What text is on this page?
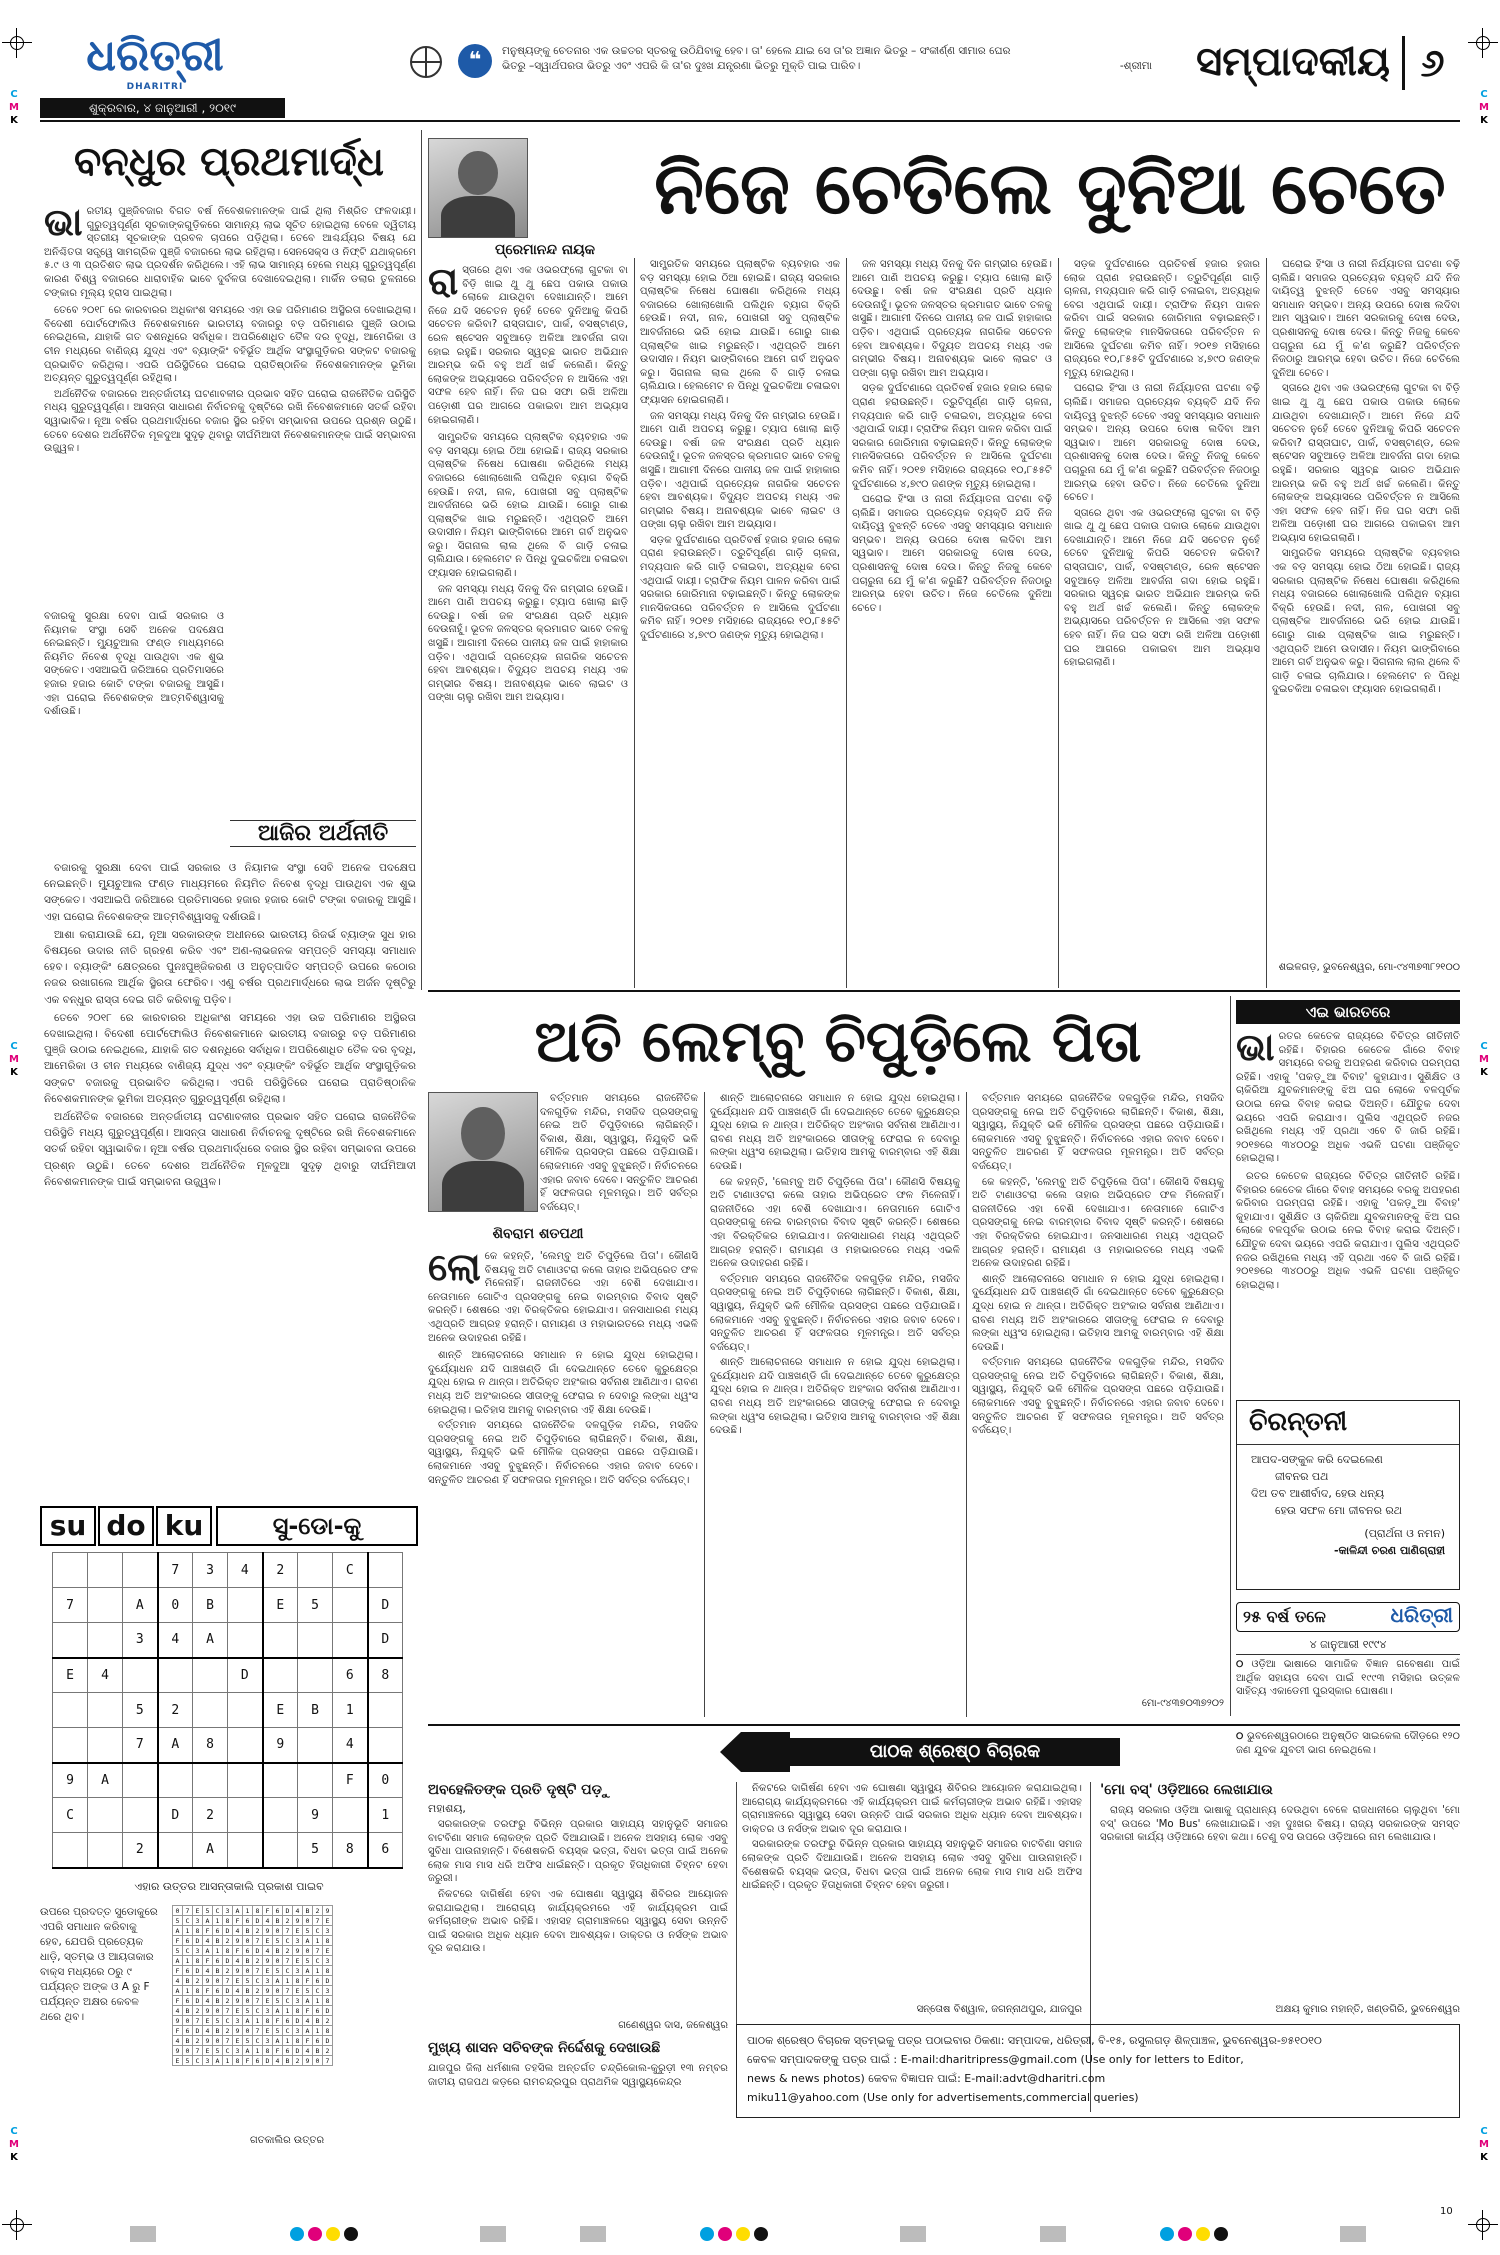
C
M
K
C
M
K
C
M
K
C
M
K
C
M
K
C
M
K
ଧରିତ୍ରୀ
DHARITRI
ଶୁକ୍ରବାର, ୪ ଜାନୁଆରୀ , ୨୦୧୯
❝	ମନୁଷ୍ୟଙ୍କୁ ଚେତନାର ଏକ ଉଚ୍ଚତର ସ୍ତରକୁ ଉଠିଯିବାକୁ ହେବ। ତା' ହେଲେ ଯାଇ ସେ ତା'ର ଅଜ୍ଞାନ ଭିତରୁ – ସଂକୀର୍ଣ୍ଣ ସୀମାର ଘେର
ଭିତରୁ –ସ୍ୱାର୍ଥପରତା ଭିତରୁ ଏବଂ ଏପରି କି ତା'ର ଦୁଃଖ ଯନ୍ତ୍ରଣା ଭିତରୁ ମୁକ୍ତି ପାଇ ପାରିବ।	-ଶ୍ରୀମା	ସମ୍ପାଦକୀୟ ୬
ବନ୍ଧୁର ପ୍ରଥମାର୍ଦ୍ଧ
ଭା ରତୀୟ ପୁଞ୍ଜିବଜାର ବିଗତ ବର୍ଷ ନିବେଶକମାନଙ୍କ ପାଇଁ ଥିଲା ମିଶ୍ରିତ ଫଳଦାୟୀ। ଗୁରୁତ୍ୱପୂର୍ଣ୍ଣ ସୂଚକାଙ୍କଗୁଡ଼ିକରେ ସାମାନ୍ୟ ଲାଭ ସୂଚିତ ହୋଇଥିଲା ବେଳେ ଦ୍ୱିତୀୟ ସ୍ତରୀୟ ସୂଚକାଙ୍କ ପ୍ରବଳ ଚାପରେ ପଡ଼ିଥିଲା। ତେବେ ଆଶ୍ଚର୍ଯ୍ୟର ବିଷୟ ଯେ ଅନିଶ୍ଚିତତା ସତ୍ତ୍ୱେ ସାମଗ୍ରିକ ପୁଞ୍ଜି ବଜାରରେ ଲାଭ ରହିଥିଲା। ସେନସେକ୍ସ ଓ ନିଫ୍ଟି ଯଥାକ୍ରମେ ୫.୯ ଓ ୩ ପ୍ରତିଶତ ଲାଭ ପ୍ରଦର୍ଶନ କରିଥିଲେ। ଏହି ଲାଭ ସାମାନ୍ୟ ହେଲେ ମଧ୍ୟ ଗୁରୁତ୍ୱପୂର୍ଣ୍ଣ କାରଣ ବିଶ୍ୱ ବଜାରରେ ଧାରାବାହିକ ଭାବେ ଦୁର୍ବଳତା ଦେଖାଦେଇଥିଲା। ମାର୍କିନ ଡଲାର ତୁଳନାରେ ଟଙ୍କାର ମୂଲ୍ୟ ହ୍ରାସ ପାଇଥିଲା।

ତେବେ ୨୦୧୮ ରେ କାରବାରର ଅଧିକାଂଶ ସମୟରେ ଏହା ଉଚ୍ଚ ପରିମାଣର ଅସ୍ଥିରତା ଦେଖାଇଥିଲା। ବିଦେଶୀ ପୋର୍ଟଫୋଲିଓ ନିବେଶକମାନେ ଭାରତୀୟ ବଜାରରୁ ବଡ଼ ପରିମାଣର ପୁଞ୍ଜି ଉଠାଇ ନେଇଥିଲେ, ଯାହାକି ଗତ ଦଶନ୍ଧିରେ ସର୍ବାଧିକ। ଅପରିଶୋଧିତ ତୈଳ ଦର ବୃଦ୍ଧି, ଆମେରିକା ଓ ଚୀନ ମଧ୍ୟରେ ବାଣିଜ୍ୟ ଯୁଦ୍ଧ ଏବଂ ବ୍ୟାଙ୍କିଂ ବହିର୍ଭୂତ ଆର୍ଥିକ ସଂସ୍ଥାଗୁଡ଼ିକର ସଙ୍କଟ ବଜାରକୁ ପ୍ରଭାବିତ କରିଥିଲା। ଏପରି ପରିସ୍ଥିତିରେ ଘରୋଇ ପ୍ରାତିଷ୍ଠାନିକ ନିବେଶକମାନଙ୍କ ଭୂମିକା ଅତ୍ୟନ୍ତ ଗୁରୁତ୍ୱପୂର୍ଣ୍ଣ ରହିଥିଲା।

ଅର୍ଥନୈତିକ ବଜାରରେ ଅନ୍ତର୍ଜାତୀୟ ଘଟଣାବଳୀର ପ୍ରଭାବ ସହିତ ଘରୋଇ ରାଜନୈତିକ ପରିସ୍ଥିତି ମଧ୍ୟ ଗୁରୁତ୍ୱପୂର୍ଣ୍ଣ। ଆସନ୍ତା ସାଧାରଣ ନିର୍ବାଚନକୁ ଦୃଷ୍ଟିରେ ରଖି ନିବେଶକମାନେ ସତର୍କ ରହିବା ସ୍ୱାଭାବିକ। ନୂଆ ବର୍ଷର ପ୍ରଥମାର୍ଦ୍ଧରେ ବଜାର ସ୍ଥିର ରହିବା ସମ୍ଭାବନା ଉପରେ ପ୍ରଶ୍ନ ଉଠୁଛି। ତେବେ ଦେଶର ଅର୍ଥନୈତିକ ମୂଳଦୁଆ ସୁଦୃଢ଼ ଥିବାରୁ ଦୀର୍ଘମିଆଦୀ ନିବେଶକମାନଙ୍କ ପାଇଁ ସମ୍ଭାବନା ଉଜ୍ଜ୍ୱଳ।

ଆଜିର ଅର୍ଥନୀତି
ବଜାରକୁ ସୁରକ୍ଷା ଦେବା ପାଇଁ ସରକାର ଓ ନିୟାମକ ସଂସ୍ଥା ସେବି ଅନେକ ପଦକ୍ଷେପ ନେଇଛନ୍ତି। ମ୍ୟୁଚୁଆଲ ଫଣ୍ଡ ମାଧ୍ୟମରେ ନିୟମିତ ନିବେଶ ବୃଦ୍ଧି ପାଉଥିବା ଏକ ଶୁଭ ସଙ୍କେତ। ଏସଆଇପି ଜରିଆରେ ପ୍ରତିମାସରେ ହଜାର ହଜାର କୋଟି ଟଙ୍କା ବଜାରକୁ ଆସୁଛି। ଏହା ଘରୋଇ ନିବେଶକଙ୍କ ଆତ୍ମବିଶ୍ୱାସକୁ ଦର୍ଶାଉଛି।

ବଜାରକୁ ସୁରକ୍ଷା ଦେବା ପାଇଁ ସରକାର ଓ ନିୟାମକ ସଂସ୍ଥା ସେବି ଅନେକ ପଦକ୍ଷେପ ନେଇଛନ୍ତି। ମ୍ୟୁଚୁଆଲ ଫଣ୍ଡ ମାଧ୍ୟମରେ ନିୟମିତ ନିବେଶ ବୃଦ୍ଧି ପାଉଥିବା ଏକ ଶୁଭ ସଙ୍କେତ। ଏସଆଇପି ଜରିଆରେ ପ୍ରତିମାସରେ ହଜାର ହଜାର କୋଟି ଟଙ୍କା ବଜାରକୁ ଆସୁଛି। ଏହା ଘରୋଇ ନିବେଶକଙ୍କ ଆତ୍ମବିଶ୍ୱାସକୁ ଦର୍ଶାଉଛି।

ଆଶା କରାଯାଉଛି ଯେ, ନୂଆ ସରକାରଙ୍କ ଅଧୀନରେ ଭାରତୀୟ ରିଜର୍ଭ ବ୍ୟାଙ୍କ ସୁଧ ହାର ବିଷୟରେ ଉଦାର ନୀତି ଗ୍ରହଣ କରିବ ଏବଂ ଅଣ-ଲାଭଜନକ ସମ୍ପତ୍ତି ସମସ୍ୟା ସମାଧାନ ହେବ। ବ୍ୟାଙ୍କିଂ କ୍ଷେତ୍ରରେ ପୁନଃପୁଞ୍ଜିକରଣ ଓ ଅନୁତ୍ପାଦିତ ସମ୍ପତ୍ତି ଉପରେ କଠୋର ନଜର ରଖାଗଲେ ଆର୍ଥିକ ସ୍ଥିରତା ଫେରିବ। ଏଣୁ ବର୍ଷର ପ୍ରଥମାର୍ଦ୍ଧରେ ଲାଭ ଅର୍ଜନ ଦୃଷ୍ଟିରୁ ଏକ ବନ୍ଧୁର ରାସ୍ତା ଦେଇ ଗତି କରିବାକୁ ପଡ଼ିବ।

ତେବେ ୨୦୧୮ ରେ କାରବାରର ଅଧିକାଂଶ ସମୟରେ ଏହା ଉଚ୍ଚ ପରିମାଣର ଅସ୍ଥିରତା ଦେଖାଇଥିଲା। ବିଦେଶୀ ପୋର୍ଟଫୋଲିଓ ନିବେଶକମାନେ ଭାରତୀୟ ବଜାରରୁ ବଡ଼ ପରିମାଣର ପୁଞ୍ଜି ଉଠାଇ ନେଇଥିଲେ, ଯାହାକି ଗତ ଦଶନ୍ଧିରେ ସର୍ବାଧିକ। ଅପରିଶୋଧିତ ତୈଳ ଦର ବୃଦ୍ଧି, ଆମେରିକା ଓ ଚୀନ ମଧ୍ୟରେ ବାଣିଜ୍ୟ ଯୁଦ୍ଧ ଏବଂ ବ୍ୟାଙ୍କିଂ ବହିର୍ଭୂତ ଆର୍ଥିକ ସଂସ୍ଥାଗୁଡ଼ିକର ସଙ୍କଟ ବଜାରକୁ ପ୍ରଭାବିତ କରିଥିଲା। ଏପରି ପରିସ୍ଥିତିରେ ଘରୋଇ ପ୍ରାତିଷ୍ଠାନିକ ନିବେଶକମାନଙ୍କ ଭୂମିକା ଅତ୍ୟନ୍ତ ଗୁରୁତ୍ୱପୂର୍ଣ୍ଣ ରହିଥିଲା।

ଅର୍ଥନୈତିକ ବଜାରରେ ଅନ୍ତର୍ଜାତୀୟ ଘଟଣାବଳୀର ପ୍ରଭାବ ସହିତ ଘରୋଇ ରାଜନୈତିକ ପରିସ୍ଥିତି ମଧ୍ୟ ଗୁରୁତ୍ୱପୂର୍ଣ୍ଣ। ଆସନ୍ତା ସାଧାରଣ ନିର୍ବାଚନକୁ ଦୃଷ୍ଟିରେ ରଖି ନିବେଶକମାନେ ସତର୍କ ରହିବା ସ୍ୱାଭାବିକ। ନୂଆ ବର୍ଷର ପ୍ରଥମାର୍ଦ୍ଧରେ ବଜାର ସ୍ଥିର ରହିବା ସମ୍ଭାବନା ଉପରେ ପ୍ରଶ୍ନ ଉଠୁଛି। ତେବେ ଦେଶର ଅର୍ଥନୈତିକ ମୂଳଦୁଆ ସୁଦୃଢ଼ ଥିବାରୁ ଦୀର୍ଘମିଆଦୀ ନିବେଶକମାନଙ୍କ ପାଇଁ ସମ୍ଭାବନା ଉଜ୍ଜ୍ୱଳ।

ପ୍ରେମାନନ୍ଦ ନାୟକ
ନିଜେ ଚେତିଲେ ଦୁନିଆ ଚେତେ
ରା ସ୍ତାରେ ଥିବା ଏକ ଓଭରଫ୍ଲୋ ଗୁଟକା ବା ବିଡ଼ି ଖାଇ ଥୁ ଥୁ ଛେପ ପକାଉ ପକାଉ ଲୋକେ ଯାଉଥିବା ଦେଖାଯାନ୍ତି। ଆମେ ନିଜେ ଯଦି ସଚେତନ ନୁହେଁ ତେବେ ଦୁନିଆକୁ କିପରି ସଚେତନ କରିବା? ରାସ୍ତାଘାଟ, ପାର୍କ, ବସଷ୍ଟାଣ୍ଡ, ରେଳ ଷ୍ଟେସନ ସବୁଆଡ଼େ ଅଳିଆ ଆବର୍ଜନା ଗଦା ହୋଇ ରହୁଛି। ସରକାର ସ୍ୱଚ୍ଛ ଭାରତ ଅଭିଯାନ ଆରମ୍ଭ କରି ବହୁ ଅର୍ଥ ଖର୍ଚ୍ଚ କଲେଣି। କିନ୍ତୁ ଲୋକଙ୍କ ଅଭ୍ୟାସରେ ପରିବର୍ତ୍ତନ ନ ଆସିଲେ ଏହା ସଫଳ ହେବ ନାହିଁ। ନିଜ ଘର ସଫା ରଖି ଅଳିଆ ପଡ଼ୋଶୀ ଘର ଆଗରେ ପକାଇବା ଆମ ଅଭ୍ୟାସ ହୋଇଗଲାଣି।

ସାମ୍ପ୍ରତିକ ସମୟରେ ପ୍ଲାଷ୍ଟିକ ବ୍ୟବହାର ଏକ ବଡ଼ ସମସ୍ୟା ହୋଇ ଠିଆ ହୋଇଛି। ରାଜ୍ୟ ସରକାର ପ୍ଲାଷ୍ଟିକ ନିଷେଧ ଘୋଷଣା କରିଥିଲେ ମଧ୍ୟ ବଜାରରେ ଖୋଲାଖୋଲି ପଲିଥିନ ବ୍ୟାଗ ବିକ୍ରି ହେଉଛି। ନଦୀ, ନାଳ, ପୋଖରୀ ସବୁ ପ୍ଲାଷ୍ଟିକ ଆବର୍ଜନାରେ ଭରି ହୋଇ ଯାଉଛି। ଗୋରୁ ଗାଈ ପ୍ଲାଷ୍ଟିକ ଖାଇ ମରୁଛନ୍ତି। ଏଥିପ୍ରତି ଆମେ ଉଦାସୀନ। ନିୟମ ଭାଙ୍ଗିବାରେ ଆମେ ଗର୍ବ ଅନୁଭବ କରୁ। ସିଗନାଲ ଲାଲ ଥିଲେ ବି ଗାଡ଼ି ଚଳାଇ ଚାଲିଯାଉ। ହେଲମେଟ ନ ପିନ୍ଧି ଦୁଇଚକିଆ ଚଳାଇବା ଫ୍ୟାସନ ହୋଇଗଲାଣି।

ଜଳ ସମସ୍ୟା ମଧ୍ୟ ଦିନକୁ ଦିନ ଗମ୍ଭୀର ହେଉଛି। ଆମେ ପାଣି ଅପଚୟ କରୁଛୁ। ଟ୍ୟାପ ଖୋଲା ଛାଡ଼ି ଦେଉଛୁ। ବର୍ଷା ଜଳ ସଂରକ୍ଷଣ ପ୍ରତି ଧ୍ୟାନ ଦେଉନାହୁଁ। ଭୂତଳ ଜଳସ୍ତର କ୍ରମାଗତ ଭାବେ ତଳକୁ ଖସୁଛି। ଆଗାମୀ ଦିନରେ ପାନୀୟ ଜଳ ପାଇଁ ହାହାକାର ପଡ଼ିବ। ଏଥିପାଇଁ ପ୍ରତ୍ୟେକ ନାଗରିକ ସଚେତନ ହେବା ଆବଶ୍ୟକ। ବିଦ୍ୟୁତ ଅପଚୟ ମଧ୍ୟ ଏକ ଗମ୍ଭୀର ବିଷୟ। ଅନାବଶ୍ୟକ ଭାବେ ଲାଇଟ ଓ ପଙ୍ଖା ଚାଲୁ ରଖିବା ଆମ ଅଭ୍ୟାସ।

ସାମ୍ପ୍ରତିକ ସମୟରେ ପ୍ଲାଷ୍ଟିକ ବ୍ୟବହାର ଏକ ବଡ଼ ସମସ୍ୟା ହୋଇ ଠିଆ ହୋଇଛି। ରାଜ୍ୟ ସରକାର ପ୍ଲାଷ୍ଟିକ ନିଷେଧ ଘୋଷଣା କରିଥିଲେ ମଧ୍ୟ ବଜାରରେ ଖୋଲାଖୋଲି ପଲିଥିନ ବ୍ୟାଗ ବିକ୍ରି ହେଉଛି। ନଦୀ, ନାଳ, ପୋଖରୀ ସବୁ ପ୍ଲାଷ୍ଟିକ ଆବର୍ଜନାରେ ଭରି ହୋଇ ଯାଉଛି। ଗୋରୁ ଗାଈ ପ୍ଲାଷ୍ଟିକ ଖାଇ ମରୁଛନ୍ତି। ଏଥିପ୍ରତି ଆମେ ଉଦାସୀନ। ନିୟମ ଭାଙ୍ଗିବାରେ ଆମେ ଗର୍ବ ଅନୁଭବ କରୁ। ସିଗନାଲ ଲାଲ ଥିଲେ ବି ଗାଡ଼ି ଚଳାଇ ଚାଲିଯାଉ। ହେଲମେଟ ନ ପିନ୍ଧି ଦୁଇଚକିଆ ଚଳାଇବା ଫ୍ୟାସନ ହୋଇଗଲାଣି।

ଜଳ ସମସ୍ୟା ମଧ୍ୟ ଦିନକୁ ଦିନ ଗମ୍ଭୀର ହେଉଛି। ଆମେ ପାଣି ଅପଚୟ କରୁଛୁ। ଟ୍ୟାପ ଖୋଲା ଛାଡ଼ି ଦେଉଛୁ। ବର୍ଷା ଜଳ ସଂରକ୍ଷଣ ପ୍ରତି ଧ୍ୟାନ ଦେଉନାହୁଁ। ଭୂତଳ ଜଳସ୍ତର କ୍ରମାଗତ ଭାବେ ତଳକୁ ଖସୁଛି। ଆଗାମୀ ଦିନରେ ପାନୀୟ ଜଳ ପାଇଁ ହାହାକାର ପଡ଼ିବ। ଏଥିପାଇଁ ପ୍ରତ୍ୟେକ ନାଗରିକ ସଚେତନ ହେବା ଆବଶ୍ୟକ। ବିଦ୍ୟୁତ ଅପଚୟ ମଧ୍ୟ ଏକ ଗମ୍ଭୀର ବିଷୟ। ଅନାବଶ୍ୟକ ଭାବେ ଲାଇଟ ଓ ପଙ୍ଖା ଚାଲୁ ରଖିବା ଆମ ଅଭ୍ୟାସ।

ସଡ଼କ ଦୁର୍ଘଟଣାରେ ପ୍ରତିବର୍ଷ ହଜାର ହଜାର ଲୋକ ପ୍ରାଣ ହରାଉଛନ୍ତି। ତ୍ରୁଟିପୂର୍ଣ୍ଣ ଗାଡ଼ି ଚାଳନା, ମଦ୍ୟପାନ କରି ଗାଡ଼ି ଚଳାଇବା, ଅତ୍ୟଧିକ ବେଗ ଏଥିପାଇଁ ଦାୟୀ। ଟ୍ରାଫିକ ନିୟମ ପାଳନ କରିବା ପାଇଁ ସରକାର ଜୋରିମାନା ବଢ଼ାଇଛନ୍ତି। କିନ୍ତୁ ଲୋକଙ୍କ ମାନସିକତାରେ ପରିବର୍ତ୍ତନ ନ ଆସିଲେ ଦୁର୍ଘଟଣା କମିବ ନାହିଁ। ୨୦୧୭ ମସିହାରେ ରାଜ୍ୟରେ ୧୦,୮୫୫ଟି ଦୁର୍ଘଟଣାରେ ୪,୭୯୦ ଜଣଙ୍କ ମୃତ୍ୟୁ ହୋଇଥିଲା।

ଜଳ ସମସ୍ୟା ମଧ୍ୟ ଦିନକୁ ଦିନ ଗମ୍ଭୀର ହେଉଛି। ଆମେ ପାଣି ଅପଚୟ କରୁଛୁ। ଟ୍ୟାପ ଖୋଲା ଛାଡ଼ି ଦେଉଛୁ। ବର୍ଷା ଜଳ ସଂରକ୍ଷଣ ପ୍ରତି ଧ୍ୟାନ ଦେଉନାହୁଁ। ଭୂତଳ ଜଳସ୍ତର କ୍ରମାଗତ ଭାବେ ତଳକୁ ଖସୁଛି। ଆଗାମୀ ଦିନରେ ପାନୀୟ ଜଳ ପାଇଁ ହାହାକାର ପଡ଼ିବ। ଏଥିପାଇଁ ପ୍ରତ୍ୟେକ ନାଗରିକ ସଚେତନ ହେବା ଆବଶ୍ୟକ। ବିଦ୍ୟୁତ ଅପଚୟ ମଧ୍ୟ ଏକ ଗମ୍ଭୀର ବିଷୟ। ଅନାବଶ୍ୟକ ଭାବେ ଲାଇଟ ଓ ପଙ୍ଖା ଚାଲୁ ରଖିବା ଆମ ଅଭ୍ୟାସ।

ସଡ଼କ ଦୁର୍ଘଟଣାରେ ପ୍ରତିବର୍ଷ ହଜାର ହଜାର ଲୋକ ପ୍ରାଣ ହରାଉଛନ୍ତି। ତ୍ରୁଟିପୂର୍ଣ୍ଣ ଗାଡ଼ି ଚାଳନା, ମଦ୍ୟପାନ କରି ଗାଡ଼ି ଚଳାଇବା, ଅତ୍ୟଧିକ ବେଗ ଏଥିପାଇଁ ଦାୟୀ। ଟ୍ରାଫିକ ନିୟମ ପାଳନ କରିବା ପାଇଁ ସରକାର ଜୋରିମାନା ବଢ଼ାଇଛନ୍ତି। କିନ୍ତୁ ଲୋକଙ୍କ ମାନସିକତାରେ ପରିବର୍ତ୍ତନ ନ ଆସିଲେ ଦୁର୍ଘଟଣା କମିବ ନାହିଁ। ୨୦୧୭ ମସିହାରେ ରାଜ୍ୟରେ ୧୦,୮୫୫ଟି ଦୁର୍ଘଟଣାରେ ୪,୭୯୦ ଜଣଙ୍କ ମୃତ୍ୟୁ ହୋଇଥିଲା।

ଘରୋଇ ହିଂସା ଓ ନାରୀ ନିର୍ଯ୍ୟାତନା ଘଟଣା ବଢ଼ି ଚାଲିଛି। ସମାଜର ପ୍ରତ୍ୟେକ ବ୍ୟକ୍ତି ଯଦି ନିଜ ଦାୟିତ୍ୱ ବୁଝନ୍ତି ତେବେ ଏସବୁ ସମସ୍ୟାର ସମାଧାନ ସମ୍ଭବ। ଅନ୍ୟ ଉପରେ ଦୋଷ ଲଦିବା ଆମ ସ୍ୱଭାବ। ଆମେ ସରକାରକୁ ଦୋଷ ଦେଉ, ପ୍ରଶାସନକୁ ଦୋଷ ଦେଉ। କିନ୍ତୁ ନିଜକୁ କେବେ ପଚାରୁନା ଯେ ମୁଁ କ'ଣ କରୁଛି? ପରିବର୍ତ୍ତନ ନିଜଠାରୁ ଆରମ୍ଭ ହେବା ଉଚିତ। ନିଜେ ଚେତିଲେ ଦୁନିଆ ଚେତେ।

ସଡ଼କ ଦୁର୍ଘଟଣାରେ ପ୍ରତିବର୍ଷ ହଜାର ହଜାର ଲୋକ ପ୍ରାଣ ହରାଉଛନ୍ତି। ତ୍ରୁଟିପୂର୍ଣ୍ଣ ଗାଡ଼ି ଚାଳନା, ମଦ୍ୟପାନ କରି ଗାଡ଼ି ଚଳାଇବା, ଅତ୍ୟଧିକ ବେଗ ଏଥିପାଇଁ ଦାୟୀ। ଟ୍ରାଫିକ ନିୟମ ପାଳନ କରିବା ପାଇଁ ସରକାର ଜୋରିମାନା ବଢ଼ାଇଛନ୍ତି। କିନ୍ତୁ ଲୋକଙ୍କ ମାନସିକତାରେ ପରିବର୍ତ୍ତନ ନ ଆସିଲେ ଦୁର୍ଘଟଣା କମିବ ନାହିଁ। ୨୦୧୭ ମସିହାରେ ରାଜ୍ୟରେ ୧୦,୮୫୫ଟି ଦୁର୍ଘଟଣାରେ ୪,୭୯୦ ଜଣଙ୍କ ମୃତ୍ୟୁ ହୋଇଥିଲା।

ଘରୋଇ ହିଂସା ଓ ନାରୀ ନିର୍ଯ୍ୟାତନା ଘଟଣା ବଢ଼ି ଚାଲିଛି। ସମାଜର ପ୍ରତ୍ୟେକ ବ୍ୟକ୍ତି ଯଦି ନିଜ ଦାୟିତ୍ୱ ବୁଝନ୍ତି ତେବେ ଏସବୁ ସମସ୍ୟାର ସମାଧାନ ସମ୍ଭବ। ଅନ୍ୟ ଉପରେ ଦୋଷ ଲଦିବା ଆମ ସ୍ୱଭାବ। ଆମେ ସରକାରକୁ ଦୋଷ ଦେଉ, ପ୍ରଶାସନକୁ ଦୋଷ ଦେଉ। କିନ୍ତୁ ନିଜକୁ କେବେ ପଚାରୁନା ଯେ ମୁଁ କ'ଣ କରୁଛି? ପରିବର୍ତ୍ତନ ନିଜଠାରୁ ଆରମ୍ଭ ହେବା ଉଚିତ। ନିଜେ ଚେତିଲେ ଦୁନିଆ ଚେତେ।

ସ୍ତାରେ ଥିବା ଏକ ଓଭରଫ୍ଲୋ ଗୁଟକା ବା ବିଡ଼ି ଖାଇ ଥୁ ଥୁ ଛେପ ପକାଉ ପକାଉ ଲୋକେ ଯାଉଥିବା ଦେଖାଯାନ୍ତି। ଆମେ ନିଜେ ଯଦି ସଚେତନ ନୁହେଁ ତେବେ ଦୁନିଆକୁ କିପରି ସଚେତନ କରିବା? ରାସ୍ତାଘାଟ, ପାର୍କ, ବସଷ୍ଟାଣ୍ଡ, ରେଳ ଷ୍ଟେସନ ସବୁଆଡ଼େ ଅଳିଆ ଆବର୍ଜନା ଗଦା ହୋଇ ରହୁଛି। ସରକାର ସ୍ୱଚ୍ଛ ଭାରତ ଅଭିଯାନ ଆରମ୍ଭ କରି ବହୁ ଅର୍ଥ ଖର୍ଚ୍ଚ କଲେଣି। କିନ୍ତୁ ଲୋକଙ୍କ ଅଭ୍ୟାସରେ ପରିବର୍ତ୍ତନ ନ ଆସିଲେ ଏହା ସଫଳ ହେବ ନାହିଁ। ନିଜ ଘର ସଫା ରଖି ଅଳିଆ ପଡ଼ୋଶୀ ଘର ଆଗରେ ପକାଇବା ଆମ ଅଭ୍ୟାସ ହୋଇଗଲାଣି।

ଘରୋଇ ହିଂସା ଓ ନାରୀ ନିର୍ଯ୍ୟାତନା ଘଟଣା ବଢ଼ି ଚାଲିଛି। ସମାଜର ପ୍ରତ୍ୟେକ ବ୍ୟକ୍ତି ଯଦି ନିଜ ଦାୟିତ୍ୱ ବୁଝନ୍ତି ତେବେ ଏସବୁ ସମସ୍ୟାର ସମାଧାନ ସମ୍ଭବ। ଅନ୍ୟ ଉପରେ ଦୋଷ ଲଦିବା ଆମ ସ୍ୱଭାବ। ଆମେ ସରକାରକୁ ଦୋଷ ଦେଉ, ପ୍ରଶାସନକୁ ଦୋଷ ଦେଉ। କିନ୍ତୁ ନିଜକୁ କେବେ ପଚାରୁନା ଯେ ମୁଁ କ'ଣ କରୁଛି? ପରିବର୍ତ୍ତନ ନିଜଠାରୁ ଆରମ୍ଭ ହେବା ଉଚିତ। ନିଜେ ଚେତିଲେ ଦୁନିଆ ଚେତେ।

ସ୍ତାରେ ଥିବା ଏକ ଓଭରଫ୍ଲୋ ଗୁଟକା ବା ବିଡ଼ି ଖାଇ ଥୁ ଥୁ ଛେପ ପକାଉ ପକାଉ ଲୋକେ ଯାଉଥିବା ଦେଖାଯାନ୍ତି। ଆମେ ନିଜେ ଯଦି ସଚେତନ ନୁହେଁ ତେବେ ଦୁନିଆକୁ କିପରି ସଚେତନ କରିବା? ରାସ୍ତାଘାଟ, ପାର୍କ, ବସଷ୍ଟାଣ୍ଡ, ରେଳ ଷ୍ଟେସନ ସବୁଆଡ଼େ ଅଳିଆ ଆବର୍ଜନା ଗଦା ହୋଇ ରହୁଛି। ସରକାର ସ୍ୱଚ୍ଛ ଭାରତ ଅଭିଯାନ ଆରମ୍ଭ କରି ବହୁ ଅର୍ଥ ଖର୍ଚ୍ଚ କଲେଣି। କିନ୍ତୁ ଲୋକଙ୍କ ଅଭ୍ୟାସରେ ପରିବର୍ତ୍ତନ ନ ଆସିଲେ ଏହା ସଫଳ ହେବ ନାହିଁ। ନିଜ ଘର ସଫା ରଖି ଅଳିଆ ପଡ଼ୋଶୀ ଘର ଆଗରେ ପକାଇବା ଆମ ଅଭ୍ୟାସ ହୋଇଗଲାଣି।

ସାମ୍ପ୍ରତିକ ସମୟରେ ପ୍ଲାଷ୍ଟିକ ବ୍ୟବହାର ଏକ ବଡ଼ ସମସ୍ୟା ହୋଇ ଠିଆ ହୋଇଛି। ରାଜ୍ୟ ସରକାର ପ୍ଲାଷ୍ଟିକ ନିଷେଧ ଘୋଷଣା କରିଥିଲେ ମଧ୍ୟ ବଜାରରେ ଖୋଲାଖୋଲି ପଲିଥିନ ବ୍ୟାଗ ବିକ୍ରି ହେଉଛି। ନଦୀ, ନାଳ, ପୋଖରୀ ସବୁ ପ୍ଲାଷ୍ଟିକ ଆବର୍ଜନାରେ ଭରି ହୋଇ ଯାଉଛି। ଗୋରୁ ଗାଈ ପ୍ଲାଷ୍ଟିକ ଖାଇ ମରୁଛନ୍ତି। ଏଥିପ୍ରତି ଆମେ ଉଦାସୀନ। ନିୟମ ଭାଙ୍ଗିବାରେ ଆମେ ଗର୍ବ ଅନୁଭବ କରୁ। ସିଗନାଲ ଲାଲ ଥିଲେ ବି ଗାଡ଼ି ଚଳାଇ ଚାଲିଯାଉ। ହେଲମେଟ ନ ପିନ୍ଧି ଦୁଇଚକିଆ ଚଳାଇବା ଫ୍ୟାସନ ହୋଇଗଲାଣି।

ଶଇଳଗଡ଼, ଭୁବନେଶ୍ୱର, ମୋ-୯୪୩୭୩୮୨୧୦୦
ଅତି ଲେମ୍ବୁ ଚିପୁଡ଼ିଲେ ପିତା
ଶିବରାମ ଶତପଥୀ
ଲୋ କେ କହନ୍ତି, 'ଲେମ୍ବୁ ଅତି ଚିପୁଡ଼ିଲେ ପିତା'। କୌଣସି ବିଷୟକୁ ଅତି ଟାଣାଓଟରା କଲେ ତାହାର ଅଭିପ୍ରେତ ଫଳ ମିଳେନାହିଁ। ରାଜନୀତିରେ ଏହା ବେଶି ଦେଖାଯାଏ। ନେତାମାନେ ଗୋଟିଏ ପ୍ରସଙ୍ଗକୁ ନେଇ ବାରମ୍ବାର ବିବାଦ ସୃଷ୍ଟି କରନ୍ତି। ଶେଷରେ ଏହା ବିରକ୍ତିକର ହୋଇଯାଏ। ଜନସାଧାରଣ ମଧ୍ୟ ଏଥିପ୍ରତି ଆଗ୍ରହ ହରାନ୍ତି। ରାମାୟଣ ଓ ମହାଭାରତରେ ମଧ୍ୟ ଏଭଳି ଅନେକ ଉଦାହରଣ ରହିଛି।

ଶାନ୍ତି ଆଲୋଚନାରେ ସମାଧାନ ନ ହୋଇ ଯୁଦ୍ଧ ହୋଇଥିଲା। ଦୁର୍ଯ୍ୟୋଧନ ଯଦି ପାଞ୍ଚଖଣ୍ଡି ଗାଁ ଦେଇଥାନ୍ତେ ତେବେ କୁରୁକ୍ଷେତ୍ର ଯୁଦ୍ଧ ହୋଇ ନ ଥାନ୍ତା। ଅତିରିକ୍ତ ଅହଂକାର ସର୍ବନାଶ ଆଣିଥାଏ। ରାବଣ ମଧ୍ୟ ଅତି ଅହଂକାରରେ ସୀତାଙ୍କୁ ଫେରାଇ ନ ଦେବାରୁ ଲଙ୍କା ଧ୍ୱଂସ ହୋଇଥିଲା। ଇତିହାସ ଆମକୁ ବାରମ୍ବାର ଏହି ଶିକ୍ଷା ଦେଉଛି।

ବର୍ତ୍ତମାନ ସମୟରେ ରାଜନୈତିକ ଦଳଗୁଡ଼ିକ ମନ୍ଦିର, ମସଜିଦ ପ୍ରସଙ୍ଗକୁ ନେଇ ଅତି ଚିପୁଡ଼ିବାରେ ଲାଗିଛନ୍ତି। ବିକାଶ, ଶିକ୍ଷା, ସ୍ୱାସ୍ଥ୍ୟ, ନିଯୁକ୍ତି ଭଳି ମୌଳିକ ପ୍ରସଙ୍ଗ ପଛରେ ପଡ଼ିଯାଉଛି। ଲୋକମାନେ ଏସବୁ ବୁଝୁଛନ୍ତି। ନିର୍ବାଚନରେ ଏହାର ଜବାବ ଦେବେ। ସନ୍ତୁଳିତ ଆଚରଣ ହିଁ ସଫଳତାର ମୂଳମନ୍ତ୍ର। ଅତି ସର୍ବତ୍ର ବର୍ଜୟେତ୍।

ବର୍ତ୍ତମାନ ସମୟରେ ରାଜନୈତିକ ଦଳଗୁଡ଼ିକ ମନ୍ଦିର, ମସଜିଦ ପ୍ରସଙ୍ଗକୁ ନେଇ ଅତି ଚିପୁଡ଼ିବାରେ ଲାଗିଛନ୍ତି। ବିକାଶ, ଶିକ୍ଷା, ସ୍ୱାସ୍ଥ୍ୟ, ନିଯୁକ୍ତି ଭଳି ମୌଳିକ ପ୍ରସଙ୍ଗ ପଛରେ ପଡ଼ିଯାଉଛି। ଲୋକମାନେ ଏସବୁ ବୁଝୁଛନ୍ତି। ନିର୍ବାଚନରେ ଏହାର ଜବାବ ଦେବେ। ସନ୍ତୁଳିତ ଆଚରଣ ହିଁ ସଫଳତାର ମୂଳମନ୍ତ୍ର। ଅତି ସର୍ବତ୍ର ବର୍ଜୟେତ୍।

ଶାନ୍ତି ଆଲୋଚନାରେ ସମାଧାନ ନ ହୋଇ ଯୁଦ୍ଧ ହୋଇଥିଲା। ଦୁର୍ଯ୍ୟୋଧନ ଯଦି ପାଞ୍ଚଖଣ୍ଡି ଗାଁ ଦେଇଥାନ୍ତେ ତେବେ କୁରୁକ୍ଷେତ୍ର ଯୁଦ୍ଧ ହୋଇ ନ ଥାନ୍ତା। ଅତିରିକ୍ତ ଅହଂକାର ସର୍ବନାଶ ଆଣିଥାଏ। ରାବଣ ମଧ୍ୟ ଅତି ଅହଂକାରରେ ସୀତାଙ୍କୁ ଫେରାଇ ନ ଦେବାରୁ ଲଙ୍କା ଧ୍ୱଂସ ହୋଇଥିଲା। ଇତିହାସ ଆମକୁ ବାରମ୍ବାର ଏହି ଶିକ୍ଷା ଦେଉଛି।

କେ କହନ୍ତି, 'ଲେମ୍ବୁ ଅତି ଚିପୁଡ଼ିଲେ ପିତା'। କୌଣସି ବିଷୟକୁ ଅତି ଟାଣାଓଟରା କଲେ ତାହାର ଅଭିପ୍ରେତ ଫଳ ମିଳେନାହିଁ। ରାଜନୀତିରେ ଏହା ବେଶି ଦେଖାଯାଏ। ନେତାମାନେ ଗୋଟିଏ ପ୍ରସଙ୍ଗକୁ ନେଇ ବାରମ୍ବାର ବିବାଦ ସୃଷ୍ଟି କରନ୍ତି। ଶେଷରେ ଏହା ବିରକ୍ତିକର ହୋଇଯାଏ। ଜନସାଧାରଣ ମଧ୍ୟ ଏଥିପ୍ରତି ଆଗ୍ରହ ହରାନ୍ତି। ରାମାୟଣ ଓ ମହାଭାରତରେ ମଧ୍ୟ ଏଭଳି ଅନେକ ଉଦାହରଣ ରହିଛି।

ବର୍ତ୍ତମାନ ସମୟରେ ରାଜନୈତିକ ଦଳଗୁଡ଼ିକ ମନ୍ଦିର, ମସଜିଦ ପ୍ରସଙ୍ଗକୁ ନେଇ ଅତି ଚିପୁଡ଼ିବାରେ ଲାଗିଛନ୍ତି। ବିକାଶ, ଶିକ୍ଷା, ସ୍ୱାସ୍ଥ୍ୟ, ନିଯୁକ୍ତି ଭଳି ମୌଳିକ ପ୍ରସଙ୍ଗ ପଛରେ ପଡ଼ିଯାଉଛି। ଲୋକମାନେ ଏସବୁ ବୁଝୁଛନ୍ତି। ନିର୍ବାଚନରେ ଏହାର ଜବାବ ଦେବେ। ସନ୍ତୁଳିତ ଆଚରଣ ହିଁ ସଫଳତାର ମୂଳମନ୍ତ୍ର। ଅତି ସର୍ବତ୍ର ବର୍ଜୟେତ୍।

ଶାନ୍ତି ଆଲୋଚନାରେ ସମାଧାନ ନ ହୋଇ ଯୁଦ୍ଧ ହୋଇଥିଲା। ଦୁର୍ଯ୍ୟୋଧନ ଯଦି ପାଞ୍ଚଖଣ୍ଡି ଗାଁ ଦେଇଥାନ୍ତେ ତେବେ କୁରୁକ୍ଷେତ୍ର ଯୁଦ୍ଧ ହୋଇ ନ ଥାନ୍ତା। ଅତିରିକ୍ତ ଅହଂକାର ସର୍ବନାଶ ଆଣିଥାଏ। ରାବଣ ମଧ୍ୟ ଅତି ଅହଂକାରରେ ସୀତାଙ୍କୁ ଫେରାଇ ନ ଦେବାରୁ ଲଙ୍କା ଧ୍ୱଂସ ହୋଇଥିଲା। ଇତିହାସ ଆମକୁ ବାରମ୍ବାର ଏହି ଶିକ୍ଷା ଦେଉଛି।

ବର୍ତ୍ତମାନ ସମୟରେ ରାଜନୈତିକ ଦଳଗୁଡ଼ିକ ମନ୍ଦିର, ମସଜିଦ ପ୍ରସଙ୍ଗକୁ ନେଇ ଅତି ଚିପୁଡ଼ିବାରେ ଲାଗିଛନ୍ତି। ବିକାଶ, ଶିକ୍ଷା, ସ୍ୱାସ୍ଥ୍ୟ, ନିଯୁକ୍ତି ଭଳି ମୌଳିକ ପ୍ରସଙ୍ଗ ପଛରେ ପଡ଼ିଯାଉଛି। ଲୋକମାନେ ଏସବୁ ବୁଝୁଛନ୍ତି। ନିର୍ବାଚନରେ ଏହାର ଜବାବ ଦେବେ। ସନ୍ତୁଳିତ ଆଚରଣ ହିଁ ସଫଳତାର ମୂଳମନ୍ତ୍ର। ଅତି ସର୍ବତ୍ର ବର୍ଜୟେତ୍।

କେ କହନ୍ତି, 'ଲେମ୍ବୁ ଅତି ଚିପୁଡ଼ିଲେ ପିତା'। କୌଣସି ବିଷୟକୁ ଅତି ଟାଣାଓଟରା କଲେ ତାହାର ଅଭିପ୍ରେତ ଫଳ ମିଳେନାହିଁ। ରାଜନୀତିରେ ଏହା ବେଶି ଦେଖାଯାଏ। ନେତାମାନେ ଗୋଟିଏ ପ୍ରସଙ୍ଗକୁ ନେଇ ବାରମ୍ବାର ବିବାଦ ସୃଷ୍ଟି କରନ୍ତି। ଶେଷରେ ଏହା ବିରକ୍ତିକର ହୋଇଯାଏ। ଜନସାଧାରଣ ମଧ୍ୟ ଏଥିପ୍ରତି ଆଗ୍ରହ ହରାନ୍ତି। ରାମାୟଣ ଓ ମହାଭାରତରେ ମଧ୍ୟ ଏଭଳି ଅନେକ ଉଦାହରଣ ରହିଛି।

ଶାନ୍ତି ଆଲୋଚନାରେ ସମାଧାନ ନ ହୋଇ ଯୁଦ୍ଧ ହୋଇଥିଲା। ଦୁର୍ଯ୍ୟୋଧନ ଯଦି ପାଞ୍ଚଖଣ୍ଡି ଗାଁ ଦେଇଥାନ୍ତେ ତେବେ କୁରୁକ୍ଷେତ୍ର ଯୁଦ୍ଧ ହୋଇ ନ ଥାନ୍ତା। ଅତିରିକ୍ତ ଅହଂକାର ସର୍ବନାଶ ଆଣିଥାଏ। ରାବଣ ମଧ୍ୟ ଅତି ଅହଂକାରରେ ସୀତାଙ୍କୁ ଫେରାଇ ନ ଦେବାରୁ ଲଙ୍କା ଧ୍ୱଂସ ହୋଇଥିଲା। ଇତିହାସ ଆମକୁ ବାରମ୍ବାର ଏହି ଶିକ୍ଷା ଦେଉଛି।

ବର୍ତ୍ତମାନ ସମୟରେ ରାଜନୈତିକ ଦଳଗୁଡ଼ିକ ମନ୍ଦିର, ମସଜିଦ ପ୍ରସଙ୍ଗକୁ ନେଇ ଅତି ଚିପୁଡ଼ିବାରେ ଲାଗିଛନ୍ତି। ବିକାଶ, ଶିକ୍ଷା, ସ୍ୱାସ୍ଥ୍ୟ, ନିଯୁକ୍ତି ଭଳି ମୌଳିକ ପ୍ରସଙ୍ଗ ପଛରେ ପଡ଼ିଯାଉଛି। ଲୋକମାନେ ଏସବୁ ବୁଝୁଛନ୍ତି। ନିର୍ବାଚନରେ ଏହାର ଜବାବ ଦେବେ। ସନ୍ତୁଳିତ ଆଚରଣ ହିଁ ସଫଳତାର ମୂଳମନ୍ତ୍ର। ଅତି ସର୍ବତ୍ର ବର୍ଜୟେତ୍।

ମୋ-୯୪୩୭୦୩୭୨୦୨
ଏଇ ଭାରତରେ
ଭା ରତର କେତେକ ରାଜ୍ୟରେ ବିଚିତ୍ର ରୀତିନୀତି ରହିଛି। ବିହାରର କେତେକ ଗାଁରେ ବିବାହ ସମୟରେ ବରକୁ ଅପହରଣ କରିବାର ପରମ୍ପରା ରହିଛି। ଏହାକୁ 'ପକଡ଼ୁଆ ବିବାହ' କୁହାଯାଏ। ସୁଶିକ୍ଷିତ ଓ ଚାକିରିଆ ଯୁବକମାନଙ୍କୁ ଝିଅ ଘର ଲୋକେ ବଳପୂର୍ବକ ଉଠାଇ ନେଇ ବିବାହ କରାଇ ଦିଅନ୍ତି। ଯୌତୁକ ଦେବା ଭୟରେ ଏପରି କରାଯାଏ। ପୁଲିସ ଏଥିପ୍ରତି ନଜର ରଖିଥିଲେ ମଧ୍ୟ ଏହି ପ୍ରଥା ଏବେ ବି ଜାରି ରହିଛି। ୨୦୧୭ରେ ୩୪୦୦ରୁ ଅଧିକ ଏଭଳି ଘଟଣା ପଞ୍ଜିକୃତ ହୋଇଥିଲା।

ରତର କେତେକ ରାଜ୍ୟରେ ବିଚିତ୍ର ରୀତିନୀତି ରହିଛି। ବିହାରର କେତେକ ଗାଁରେ ବିବାହ ସମୟରେ ବରକୁ ଅପହରଣ କରିବାର ପରମ୍ପରା ରହିଛି। ଏହାକୁ 'ପକଡ଼ୁଆ ବିବାହ' କୁହାଯାଏ। ସୁଶିକ୍ଷିତ ଓ ଚାକିରିଆ ଯୁବକମାନଙ୍କୁ ଝିଅ ଘର ଲୋକେ ବଳପୂର୍ବକ ଉଠାଇ ନେଇ ବିବାହ କରାଇ ଦିଅନ୍ତି। ଯୌତୁକ ଦେବା ଭୟରେ ଏପରି କରାଯାଏ। ପୁଲିସ ଏଥିପ୍ରତି ନଜର ରଖିଥିଲେ ମଧ୍ୟ ଏହି ପ୍ରଥା ଏବେ ବି ଜାରି ରହିଛି। ୨୦୧୭ରେ ୩୪୦୦ରୁ ଅଧିକ ଏଭଳି ଘଟଣା ପଞ୍ଜିକୃତ ହୋଇଥିଲା।

ଚିରନ୍ତନୀ
ଆପଦ-ସଙ୍କୁଳ କରି ଦେଇଲେଣ
ଜୀବନର ପଥ
ଦିଅ ତବ ଆଶୀର୍ବାଦ, ହେଉ ଧନ୍ୟ
ହେଉ ସଫଳ ମୋ ଜୀବନର ରଥ
(ପ୍ରାର୍ଥନା ଓ ନମନ)
-କାଳିନ୍ଦୀ ଚରଣ ପାଣିଗ୍ରାହୀ
୨୫ ବର୍ଷ ତଳେ	ଧରିତ୍ରୀ
୪ ଜାନୁଆରୀ ୧୯୯୪
୦ ଓଡ଼ିଆ ଭାଷାରେ ସାମାଜିକ ବିଜ୍ଞାନ ଗବେଷଣା ପାଇଁ ଆର୍ଥିକ ସହାୟତା ଦେବା ପାଇଁ ୧୯୯୩ ମସିହାର ଉତ୍କଳ ସାହିତ୍ୟ ଏକାଡେମୀ ପୁରସ୍କାର ଘୋଷଣା।
୦ ଭୁବନେଶ୍ୱରଠାରେ ଅନୁଷ୍ଠିତ ସାଇକେଲ ଦୌଡ଼ରେ ୧୨୦ ଜଣ ଯୁବକ ଯୁବତୀ ଭାଗ ନେଇଥିଲେ।
su do ku	ସୁ-ଡୋ-କୁ
			7	3	4	2		C	
7		A	0	B		E	5		D
		3	4	A					D
E	4				D			6	8
		5	2			E	B	1	
		7	A	8		9		4	
9	A							F	0
C			D	2			9		1
		2		A			5	8	6
ଏହାର ଉତ୍ତର ଆସନ୍ତାକାଲି ପ୍ରକାଶ ପାଇବ
ଉପରେ ପ୍ରଦତ୍ତ ସୁଡୋକୁରେ ଏପରି ସମାଧାନ କରିବାକୁ ହେବ, ଯେପରି ପ୍ରତ୍ୟେକ ଧାଡ଼ି, ସ୍ତମ୍ଭ ଓ ଆୟତାକାର ବାକ୍ସ ମଧ୍ୟରେ ୦ରୁ ୯ ପର୍ଯ୍ୟନ୍ତ ଅଙ୍କ ଓ A ରୁ F ପର୍ଯ୍ୟନ୍ତ ଅକ୍ଷର କେବଳ ଥରେ ଥିବ।
0	7	E	5	C	3	A	1	8	F	6	D	4	B	2	9
5	C	3	A	1	8	F	6	D	4	B	2	9	0	7	E
A	1	8	F	6	D	4	B	2	9	0	7	E	5	C	3
F	6	D	4	B	2	9	0	7	E	5	C	3	A	1	8
5	C	3	A	1	8	F	6	D	4	B	2	9	0	7	E
A	1	8	F	6	D	4	B	2	9	0	7	E	5	C	3
F	6	D	4	B	2	9	0	7	E	5	C	3	A	1	8
4	B	2	9	0	7	E	5	C	3	A	1	8	F	6	D
A	1	8	F	6	D	4	B	2	9	0	7	E	5	C	3
F	6	D	4	B	2	9	0	7	E	5	C	3	A	1	8
4	B	2	9	0	7	E	5	C	3	A	1	8	F	6	D
9	0	7	E	5	C	3	A	1	8	F	6	D	4	B	2
F	6	D	4	B	2	9	0	7	E	5	C	3	A	1	8
4	B	2	9	0	7	E	5	C	3	A	1	8	F	6	D
9	0	7	E	5	C	3	A	1	8	F	6	D	4	B	2
E	5	C	3	A	1	8	F	6	D	4	B	2	9	0	7
ଗତକାଲିର ଉତ୍ତର
ପାଠକ ଶ୍ରେଷ୍ଠ ବିଚାରକ
ଅବହେଳିତଙ୍କ ପ୍ରତି ଦୃଷ୍ଟି ପଡ଼ୁ
ମହାଶୟ,

ସରକାରଙ୍କ ତରଫରୁ ବିଭିନ୍ନ ପ୍ରକାର ସାହାଯ୍ୟ ସହାନୁଭୂତି ସମାଜର ବାଟବିଣା ସମାଜ ଲୋକଙ୍କ ପ୍ରତି ଦିଆଯାଉଛି। ଅନେକ ଅସହାୟ ଲୋକ ଏସବୁ ସୁବିଧା ପାଉନାହାନ୍ତି। ବିଶେଷକରି ବୟସ୍କ ଭତ୍ତା, ବିଧବା ଭତ୍ତା ପାଇଁ ଅନେକ ଲୋକ ମାସ ମାସ ଧରି ଅଫିସ ଧାଇଁଛନ୍ତି। ପ୍ରକୃତ ହିତାଧିକାରୀ ଚିହ୍ନଟ ହେବା ଜରୁରୀ।

ନିକଟରେ ଦାଗିର୍ଷଣ ହେବା ଏକ ଘୋଷଣା ସ୍ୱାସ୍ଥ୍ୟ ଶିବିରର ଆୟୋଜନ କରାଯାଇଥିଲା। ଆରୋଗ୍ୟ କାର୍ଯ୍ୟକ୍ରମରେ ଏହି କାର୍ଯ୍ୟକ୍ରମ ପାଇଁ କର୍ମଚାରୀଙ୍କ ଅଭାବ ରହିଛି। ଏହାସହ ଗ୍ରାମାଞ୍ଚଳରେ ସ୍ୱାସ୍ଥ୍ୟ ସେବା ଉନ୍ନତି ପାଇଁ ସରକାର ଅଧିକ ଧ୍ୟାନ ଦେବା ଆବଶ୍ୟକ। ଡାକ୍ତର ଓ ନର୍ସଙ୍କ ଅଭାବ ଦୂର କରାଯାଉ।

ଗଣେଶ୍ୱର ଦାସ, ଜଳେଶ୍ୱର
ମୁଖ୍ୟ ଶାସନ ସଚିବଙ୍କ ନିର୍ଦ୍ଦେଶକୁ ଦେଖାଉଛି
ଯାଜପୁର ଜିଲା ଧର୍ମଶାଳା ତହସିଲ ଅନ୍ତର୍ଗତ ଚନ୍ଦ୍ରିକୋଲ-କୁରୁଡ଼ୀ ୧୩ ନମ୍ବର ଜାତୀୟ ରାଜପଥ କଡ଼ରେ ରାମଚନ୍ଦ୍ରପୁର ପ୍ରାଥମିକ ସ୍ୱାସ୍ଥ୍ୟକେନ୍ଦ୍ର

ନିକଟରେ ଦାଗିର୍ଷଣ ହେବା ଏକ ଘୋଷଣା ସ୍ୱାସ୍ଥ୍ୟ ଶିବିରର ଆୟୋଜନ କରାଯାଇଥିଲା। ଆରୋଗ୍ୟ କାର୍ଯ୍ୟକ୍ରମରେ ଏହି କାର୍ଯ୍ୟକ୍ରମ ପାଇଁ କର୍ମଚାରୀଙ୍କ ଅଭାବ ରହିଛି। ଏହାସହ ଗ୍ରାମାଞ୍ଚଳରେ ସ୍ୱାସ୍ଥ୍ୟ ସେବା ଉନ୍ନତି ପାଇଁ ସରକାର ଅଧିକ ଧ୍ୟାନ ଦେବା ଆବଶ୍ୟକ। ଡାକ୍ତର ଓ ନର୍ସଙ୍କ ଅଭାବ ଦୂର କରାଯାଉ।

ସରକାରଙ୍କ ତରଫରୁ ବିଭିନ୍ନ ପ୍ରକାର ସାହାଯ୍ୟ ସହାନୁଭୂତି ସମାଜର ବାଟବିଣା ସମାଜ ଲୋକଙ୍କ ପ୍ରତି ଦିଆଯାଉଛି। ଅନେକ ଅସହାୟ ଲୋକ ଏସବୁ ସୁବିଧା ପାଉନାହାନ୍ତି। ବିଶେଷକରି ବୟସ୍କ ଭତ୍ତା, ବିଧବା ଭତ୍ତା ପାଇଁ ଅନେକ ଲୋକ ମାସ ମାସ ଧରି ଅଫିସ ଧାଇଁଛନ୍ତି। ପ୍ରକୃତ ହିତାଧିକାରୀ ଚିହ୍ନଟ ହେବା ଜରୁରୀ।

ସନ୍ତୋଷ ବିଶ୍ୱାଳ, ଜଗନ୍ନାଥପୁର, ଯାଜପୁର
'ମୋ ବସ୍' ଓଡ଼ିଆରେ ଲେଖାଯାଉ

ରାଜ୍ୟ ସରକାର ଓଡ଼ିଆ ଭାଷାକୁ ପ୍ରାଧାନ୍ୟ ଦେଉଥିବା ବେଳେ ରାଜଧାନୀରେ ଚାଲୁଥିବା 'ମୋ ବସ୍' ଉପରେ 'Mo Bus' ଲେଖାଯାଇଛି। ଏହା ଦୁଃଖର ବିଷୟ। ରାଜ୍ୟ ସରକାରଙ୍କ ସମସ୍ତ ସରକାରୀ କାର୍ଯ୍ୟ ଓଡ଼ିଆରେ ହେବା କଥା। ତେଣୁ ବସ ଉପରେ ଓଡ଼ିଆରେ ନାମ ଲେଖାଯାଉ।

ଅକ୍ଷୟ କୁମାର ମହାନ୍ତି, ଖଣ୍ଡଗିରି, ଭୁବନେଶ୍ୱର
ପାଠକ ଶ୍ରେଷ୍ଠ ବିଚାରକ ସ୍ତମ୍ଭକୁ ପତ୍ର ପଠାଇବାର ଠିକଣା: ସମ୍ପାଦକ, ଧରିତ୍ରୀ, ବି-୧୫, ରସୁଲଗଡ଼ ଶିଳ୍ପାଞ୍ଚଳ, ଭୁବନେଶ୍ୱର-୭୫୧୦୧୦
କେବଳ ସମ୍ପାଦକଙ୍କୁ ପତ୍ର ପାଇଁ : E-mail:dharitripress@gmail.com (Use only for letters to Editor,
news & news photos) କେବଳ ବିଜ୍ଞାପନ ପାଇଁ: E-mail:advt@dharitri.com
miku11@yahoo.com (Use only for advertisements,commercial queries)
10
